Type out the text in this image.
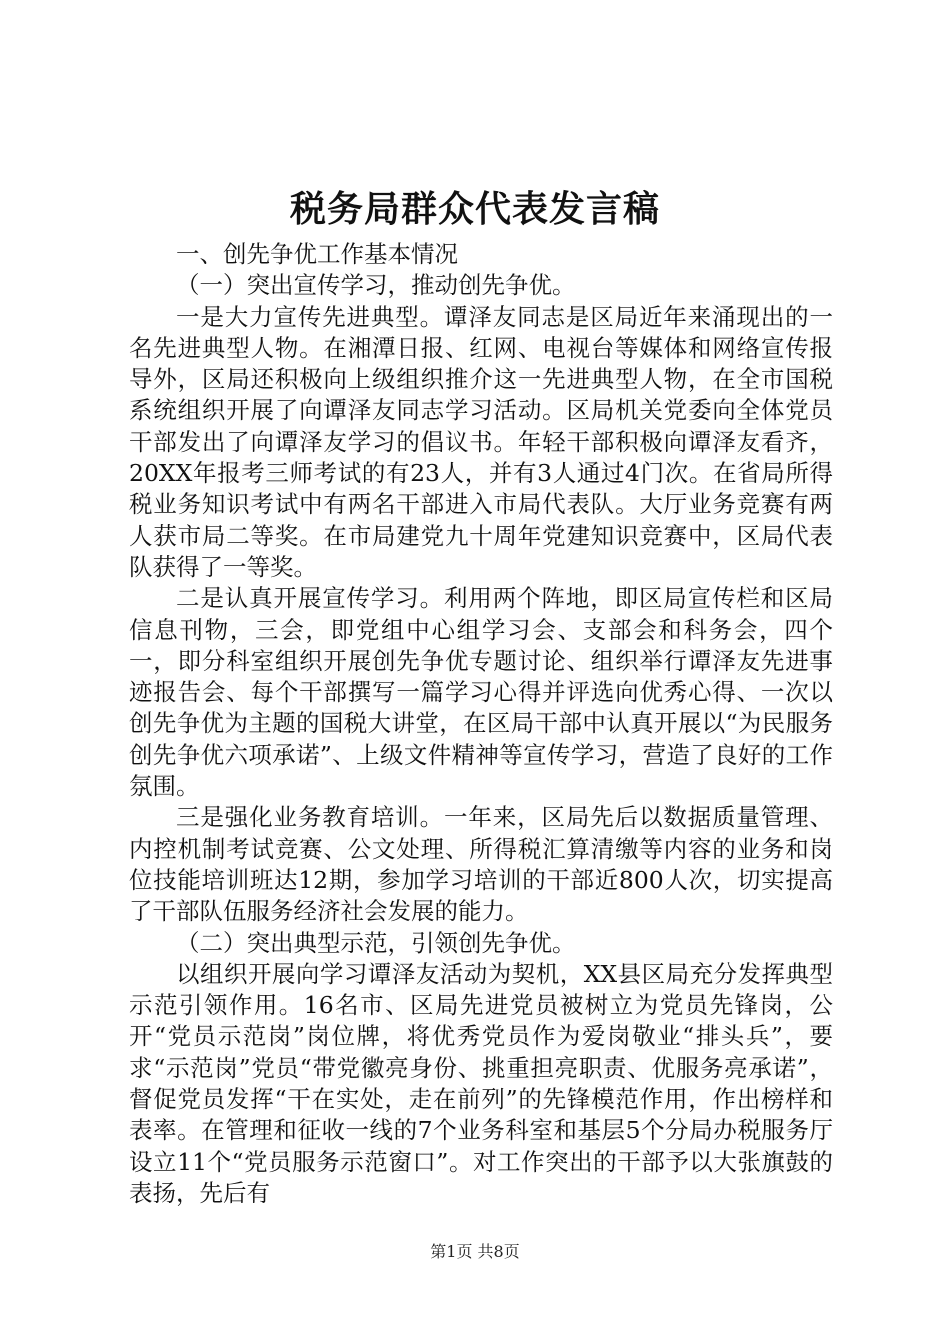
税务局群众代表发言稿

一、创先争优工作基本情况

（一）突出宣传学习，推动创先争优。

一是大力宣传先进典型。谭泽友同志是区局近年来涌现出的一名先进典型人物。在湘潭日报、红网、电视台等媒体和网络宣传报导外，区局还积极向上级组织推介这一先进典型人物，在全市国税系统组织开展了向谭泽友同志学习活动。区局机关党委向全体党员干部发出了向谭泽友学习的倡议书。年轻干部积极向谭泽友看齐，20XX年报考三师考试的有23人，并有3人通过4门次。在省局所得税业务知识考试中有两名干部进入市局代表队。大厅业务竞赛有两人获市局二等奖。在市局建党九十周年党建知识竞赛中，区局代表队获得了一等奖。

二是认真开展宣传学习。利用两个阵地，即区局宣传栏和区局信息刊物，三会，即党组中心组学习会、支部会和科务会，四个一，即分科室组织开展创先争优专题讨论、组织举行谭泽友先进事迹报告会、每个干部撰写一篇学习心得并评选向优秀心得、一次以创先争优为主题的国税大讲堂，在区局干部中认真开展以“为民服务创先争优六项承诺”、上级文件精神等宣传学习，营造了良好的工作氛围。

三是强化业务教育培训。一年来，区局先后以数据质量管理、内控机制考试竞赛、公文处理、所得税汇算清缴等内容的业务和岗位技能培训班达12期，参加学习培训的干部近800人次，切实提高了干部队伍服务经济社会发展的能力。

（二）突出典型示范，引领创先争优。

以组织开展向学习谭泽友活动为契机，XX县区局充分发挥典型示范引领作用。16名市、区局先进党员被树立为党员先锋岗，公开“党员示范岗”岗位牌，将优秀党员作为爱岗敬业“排头兵”，要求“示范岗”党员“带党徽亮身份、挑重担亮职责、优服务亮承诺”，督促党员发挥“干在实处，走在前列”的先锋模范作用，作出榜样和表率。在管理和征收一线的7个业务科室和基层5个分局办税服务厅设立11个“党员服务示范窗口”。对工作突出的干部予以大张旗鼓的表扬，先后有

第1页 共8页
